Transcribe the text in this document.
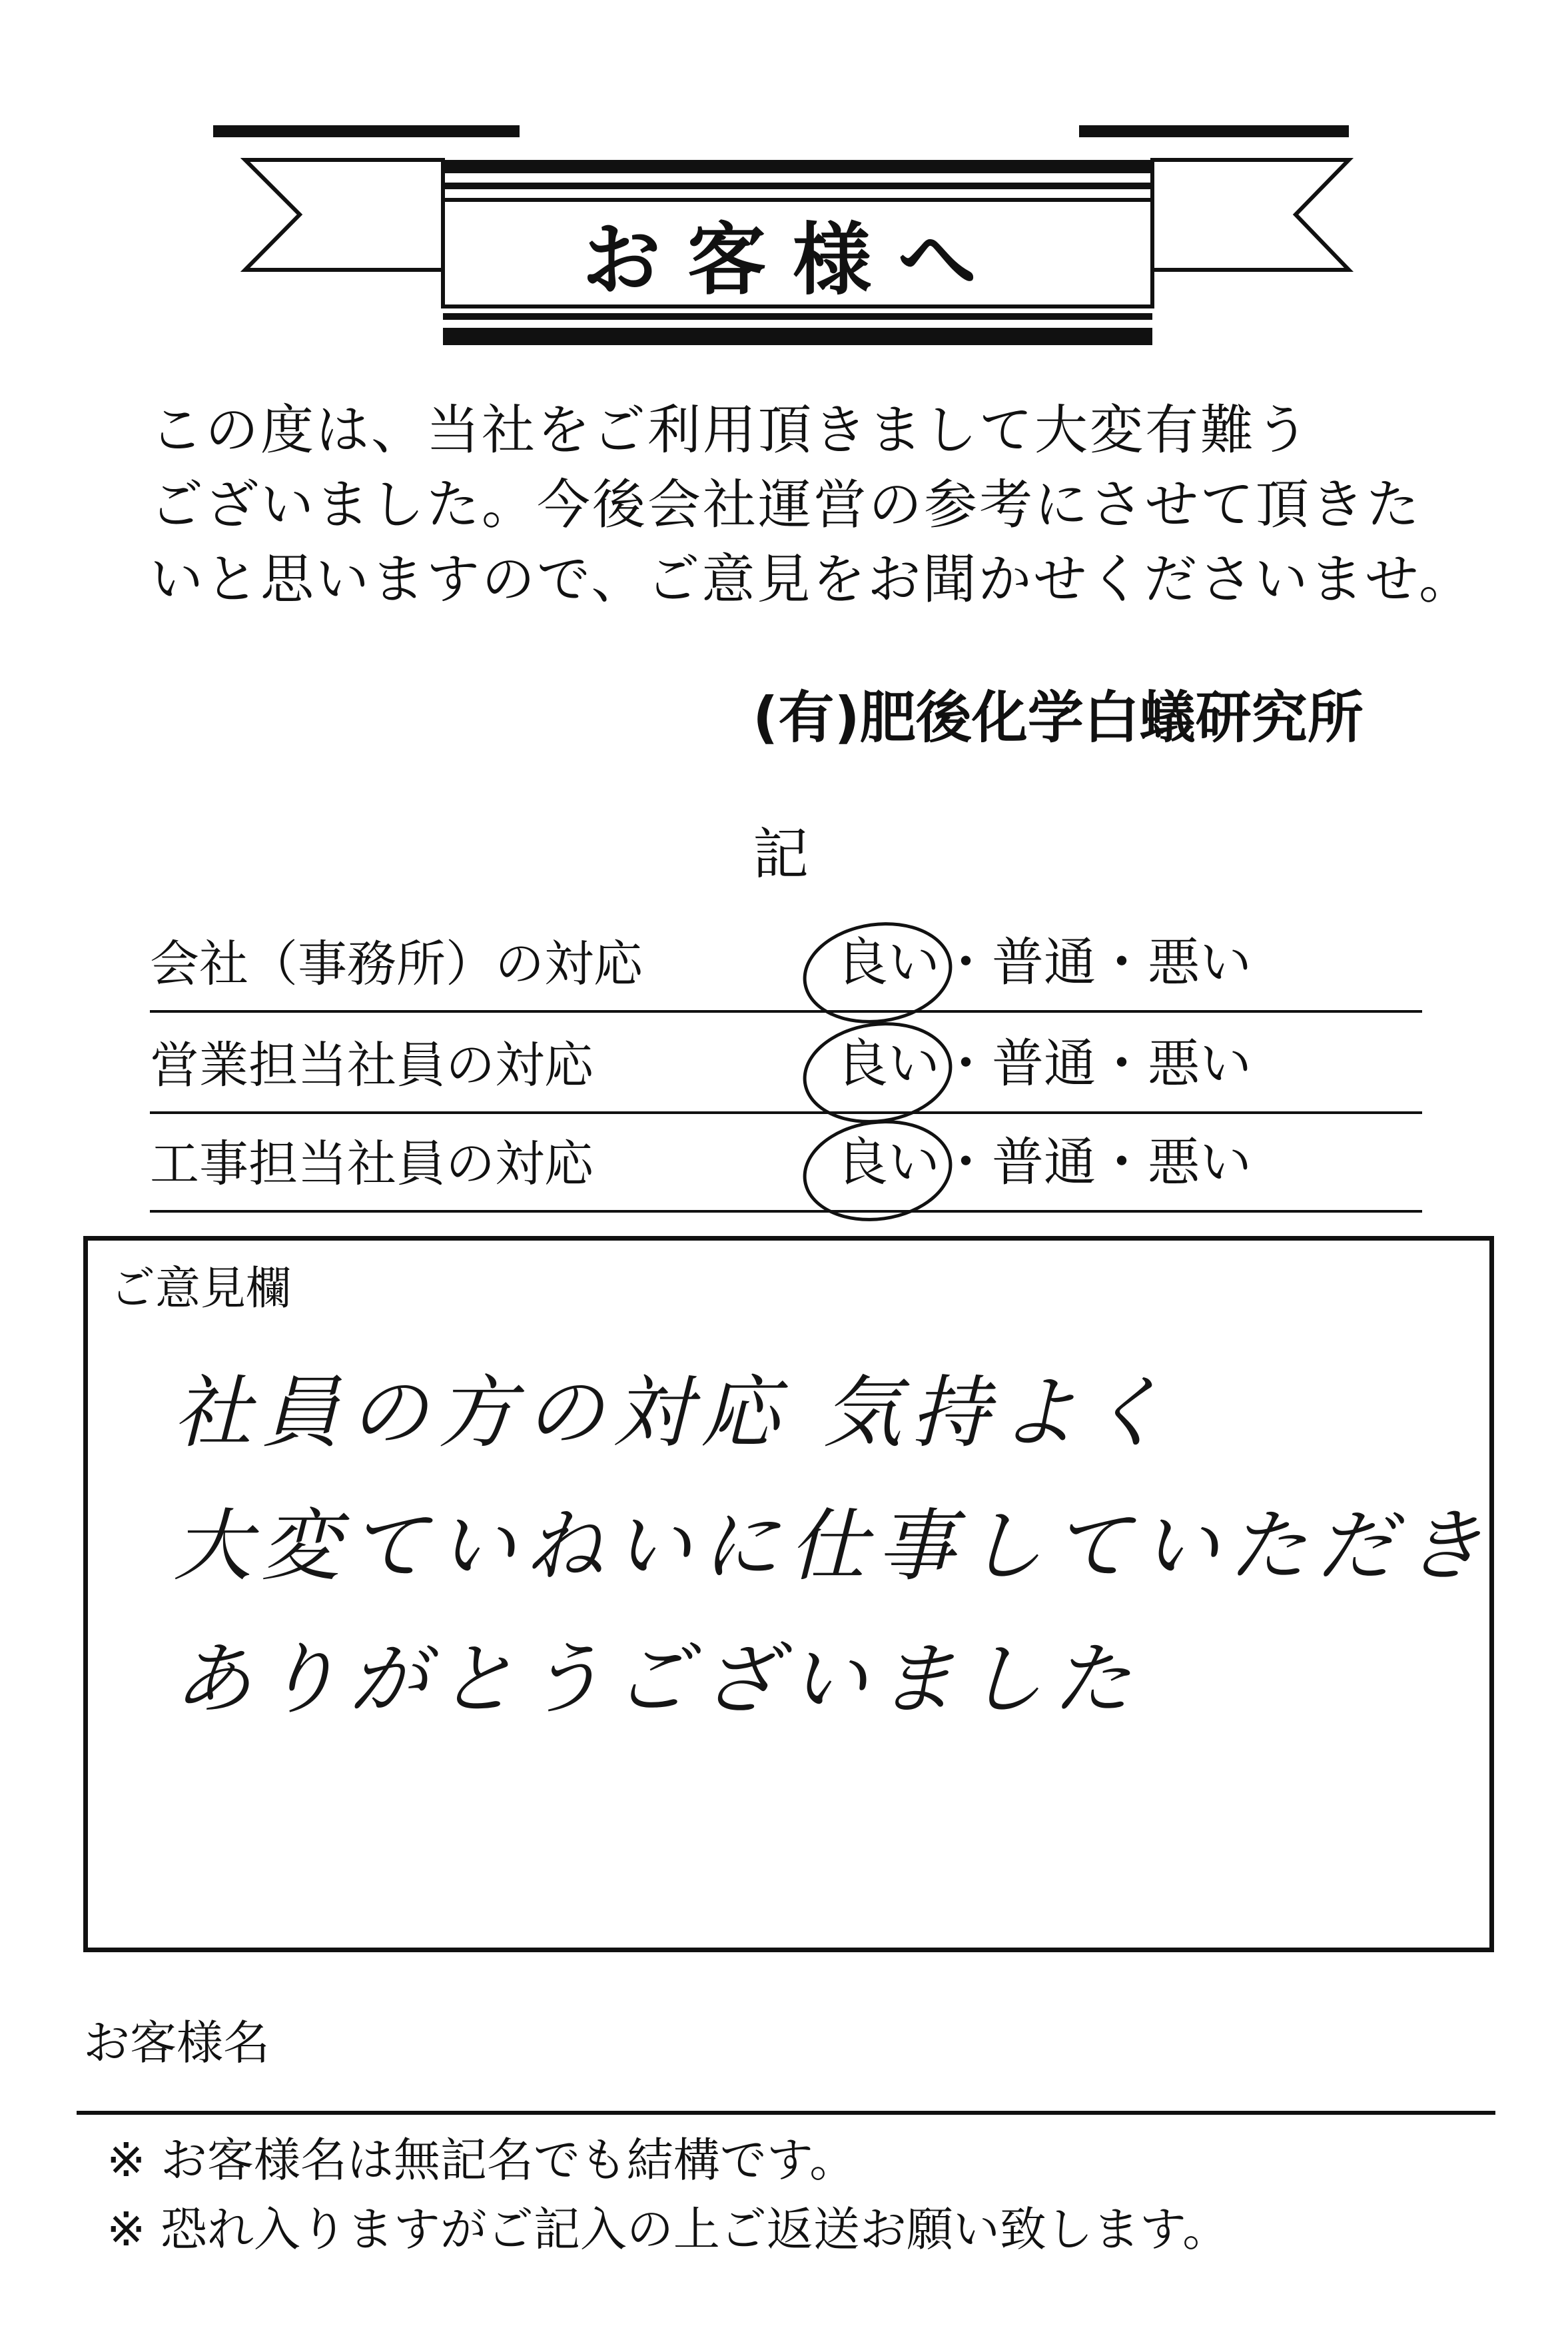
お客様へ
この度は、当社をご利用頂きまして大変有難う
ございました。今後会社運営の参考にさせて頂きた
いと思いますので、ご意見をお聞かせくださいませ。
(有)肥後化学白蟻研究所
記
会社（事務所）の対応	良い・普通・悪い
営業担当社員の対応	良い・普通・悪い
工事担当社員の対応	良い・普通・悪い
ご意見欄
社員の方の対応 気持よく
大変ていねいに仕事していただき
ありがとうございました
お客様名
※ お客様名は無記名でも結構です。
※ 恐れ入りますがご記入の上ご返送お願い致します。
